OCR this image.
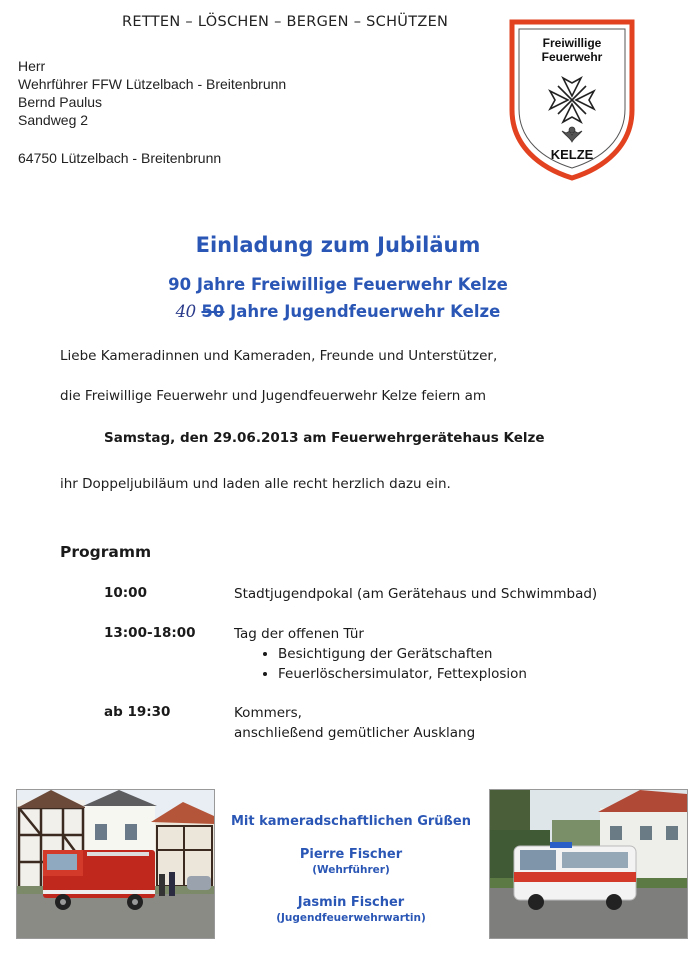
RETTEN – LÖSCHEN – BERGEN – SCHÜTZEN
Herr
Wehrführer FFW Lützelbach - Breitenbrunn
Bernd Paulus
Sandweg 2
64750 Lützelbach - Breitenbrunn
Freiwillige
Feuerwehr
KELZE
Einladung zum Jubiläum
90 Jahre Freiwillige Feuerwehr Kelze
40 50 Jahre Jugendfeuerwehr Kelze
Liebe Kameradinnen und Kameraden, Freunde und Unterstützer,
die Freiwillige Feuerwehr und Jugendfeuerwehr Kelze feiern am
Samstag, den 29.06.2013 am Feuerwehrgerätehaus Kelze
ihr Doppeljubiläum und laden alle recht herzlich dazu ein.
Programm
10:00	Stadtjugendpokal (am Gerätehaus und Schwimmbad)
13:00-18:00	Tag der offenen Tür
• Besichtigung der Gerätschaften
• Feuerlöschersimulator, Fettexplosion
ab 19:30	Kommers,
anschließend gemütlicher Ausklang
Mit kameradschaftlichen Grüßen
Pierre Fischer
(Wehrführer)
Jasmin Fischer
(Jugendfeuerwehrwartin)
